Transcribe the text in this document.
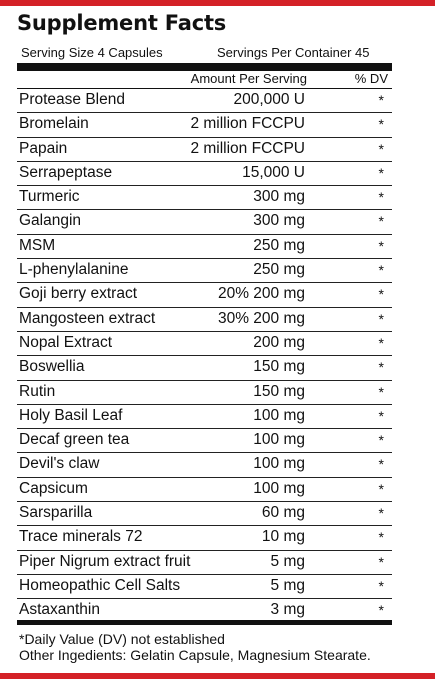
Supplement Facts
Serving Size 4 Capsules	Servings Per Container 45
Amount Per Serving	% DV
Protease Blend	200,000 U	*
Bromelain	2 million FCCPU	*
Papain	2 million FCCPU	*
Serrapeptase	15,000 U	*
Turmeric	300 mg	*
Galangin	300 mg	*
MSM	250 mg	*
L-phenylalanine	250 mg	*
Goji berry extract	20% 200 mg	*
Mangosteen extract	30% 200 mg	*
Nopal Extract	200 mg	*
Boswellia	150 mg	*
Rutin	150 mg	*
Holy Basil Leaf	100 mg	*
Decaf green tea	100 mg	*
Devil's claw	100 mg	*
Capsicum	100 mg	*
Sarsparilla	60 mg	*
Trace minerals 72	10 mg	*
Piper Nigrum extract fruit	5 mg	*
Homeopathic Cell Salts	5 mg	*
Astaxanthin	3 mg	*
*Daily Value (DV) not established
Other Ingedients: Gelatin Capsule, Magnesium Stearate.
